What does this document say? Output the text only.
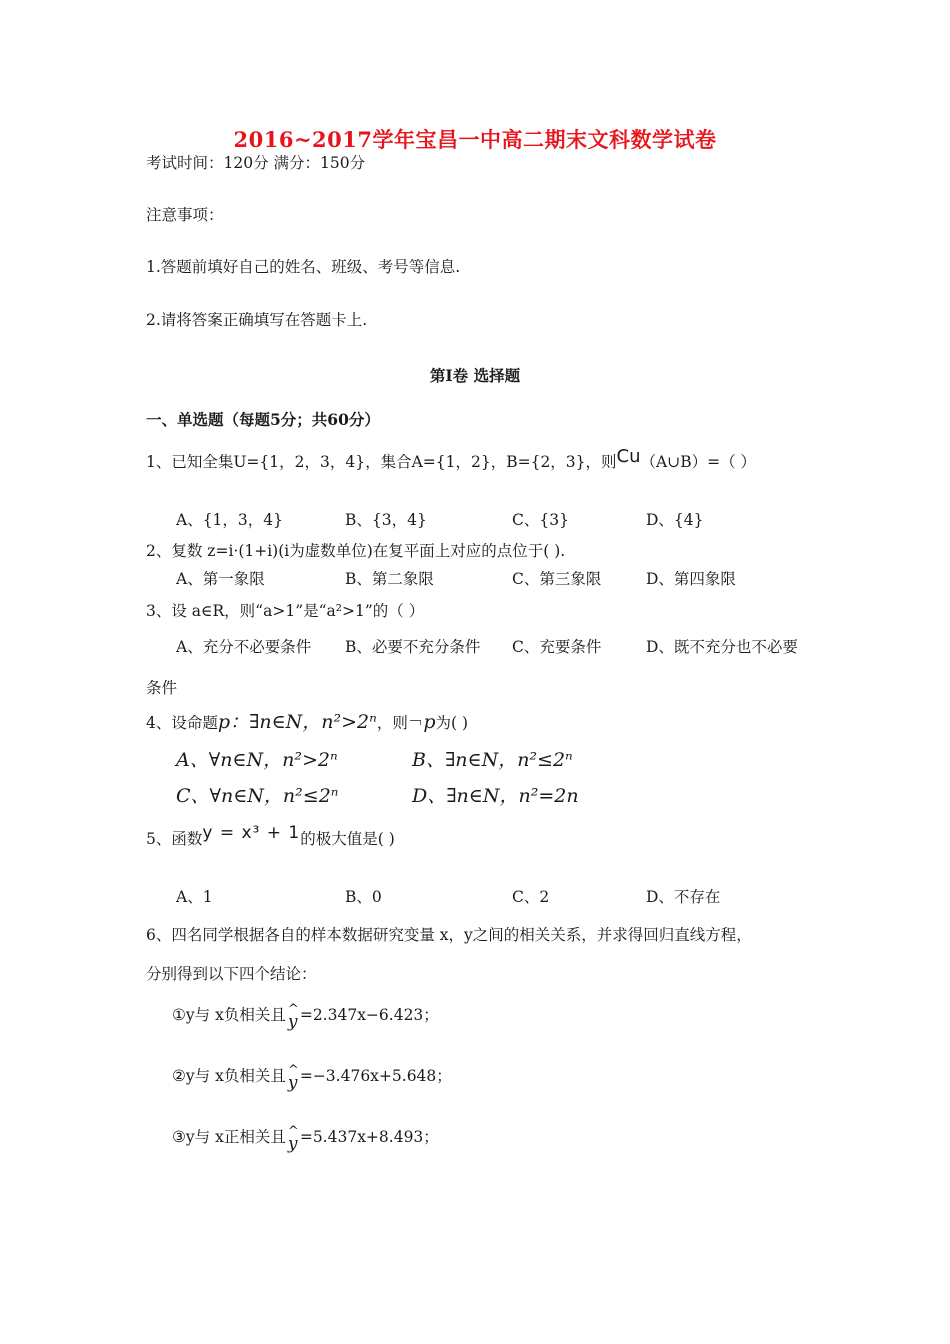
2016~2017学年宝昌一中高二期末文科数学试卷
考试时间：120分 满分：150分
注意事项：
1.答题前填好自己的姓名、班级、考号等信息.
2.请将答案正确填写在答题卡上.
第I卷 选择题
一、单选题（每题5分；共60分）
1、已知全集U={1，2，3，4}，集合A={1，2}，B={2，3}，则Cu（A∪B）=（ ）
A、{1，3，4}	B、{3，4}	C、{3}	D、{4}
2、复数 z=i·(1+i)(i为虚数单位)在复平面上对应的点位于( ).
A、第一象限	B、第二象限	C、第三象限	D、第四象限
3、设 a∈R，则“a>1”是“a²>1”的（ ）
A、充分不必要条件 B、必要不充分条件 C、充要条件	D、既不充分也不必要
条件
4、设命题p：∃n∈N，n²>2ⁿ，则￢p为( )
A、∀n∈N，n²>2ⁿ	B、∃n∈N，n²≤2ⁿ
C、∀n∈N，n²≤2ⁿ	D、∃n∈N，n²=2n
5、函数y = x³ + 1的极大值是( )
A、1	B、0	C、2	D、不存在
6、四名同学根据各自的样本数据研究变量 x，y之间的相关关系，并求得回归直线方程，
分别得到以下四个结论：
①y与 x负相关且 ^
y =2.347x−6.423；
②y与 x负相关且 ^
y =−3.476x+5.648；
③y与 x正相关且 ^
y =5.437x+8.493；
